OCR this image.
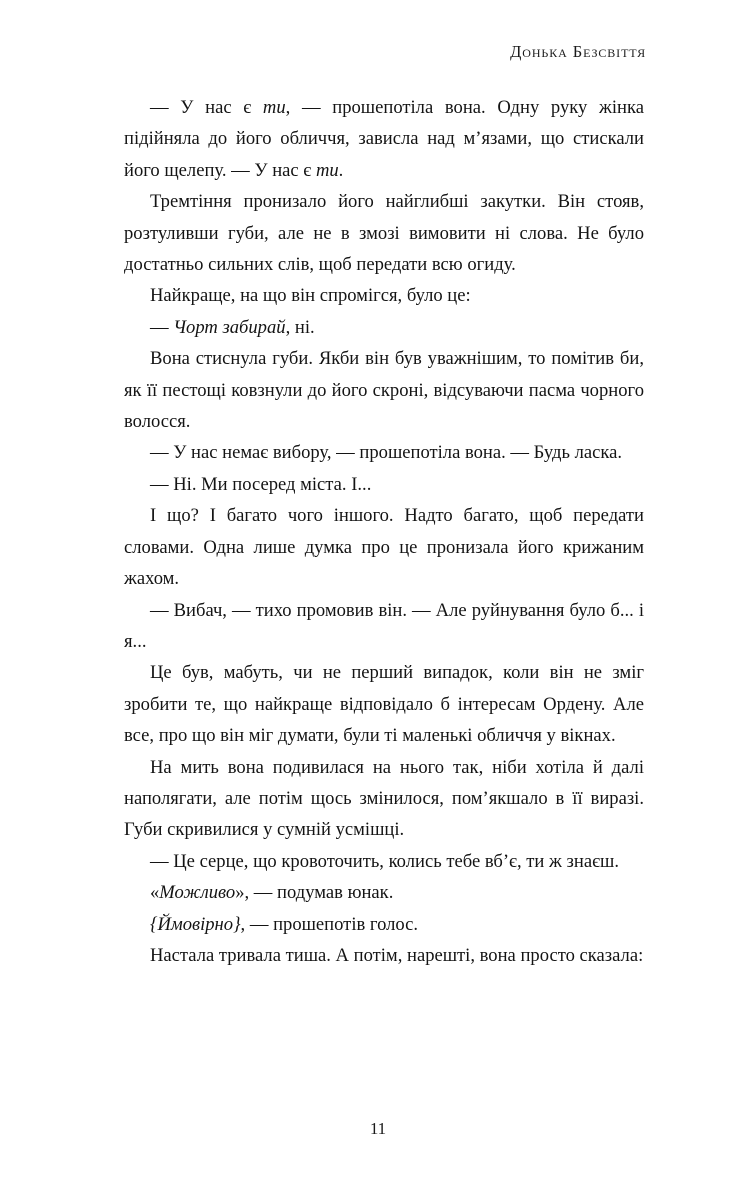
Донька Безсвіття

— У нас є ти, — прошепотіла вона. Одну руку жінка підійняла до його обличчя, зависла над м’язами, що стискали його щелепу. — У нас є ти.

Тремтіння пронизало його найглибші закутки. Він стояв, розтуливши губи, але не в змозі вимовити ні слова. Не було достатньо сильних слів, щоб передати всю огиду.

Найкраще, на що він спромігся, було це:

— Чорт забирай, ні.

Вона стиснула губи. Якби він був уважнішим, то помітив би, як її пестощі ковзнули до його скроні, відсуваючи пасма чорного волосся.

— У нас немає вибору, — прошепотіла вона. — Будь ласка.

— Ні. Ми посеред міста. І...

І що? І багато чого іншого. Надто багато, щоб передати словами. Одна лише думка про це пронизала його крижаним жахом.

— Вибач, — тихо промовив він. — Але руйнування було б... і я...

Це був, мабуть, чи не перший випадок, коли він не зміг зробити те, що найкраще відповідало б інтересам Ордену. Але все, про що він міг думати, були ті маленькі обличчя у вікнах.

На мить вона подивилася на нього так, ніби хотіла й далі наполягати, але потім щось змінилося, пом’якшало в її виразі. Губи скривилися у сумній усмішці.

— Це серце, що кровоточить, колись тебе вб’є, ти ж знаєш.

«Можливо», — подумав юнак.

{Ймовірно}, — прошепотів голос.

Настала тривала тиша. А потім, нарешті, вона просто сказала:

11
